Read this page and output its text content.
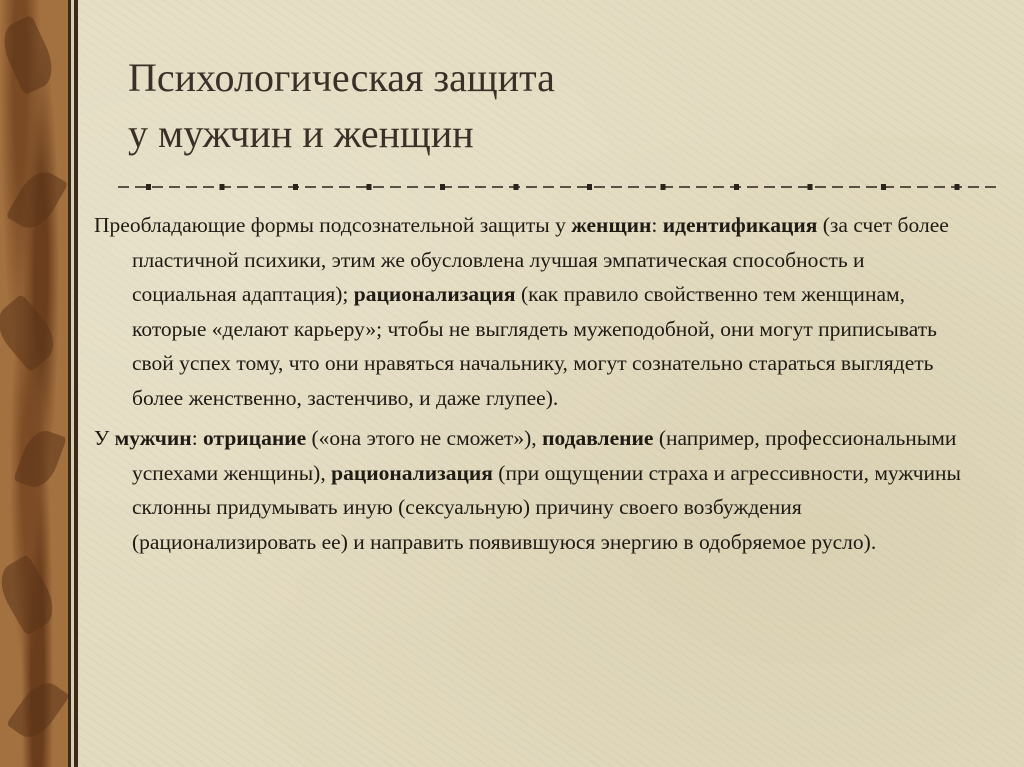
Психологическая защита
у мужчин и женщин
Преобладающие формы подсознательной защиты у женщин: идентификация (за счет более пластичной психики, этим же обусловлена лучшая эмпатическая способность и социальная адаптация); рационализация (как правило свойственно тем женщинам, которые «делают карьеру»; чтобы не выглядеть мужеподобной, они могут приписывать свой успех тому, что они нравяться начальнику, могут сознательно стараться выглядеть более женственно, застенчиво, и даже глупее).
У мужчин: отрицание («она этого не сможет»), подавление (например, профессиональными успехами женщины), рационализация (при ощущении страха и агрессивности, мужчины склонны придумывать иную (сексуальную) причину своего возбуждения (рационализировать ее) и направить появившуюся энергию в одобряемое русло).
